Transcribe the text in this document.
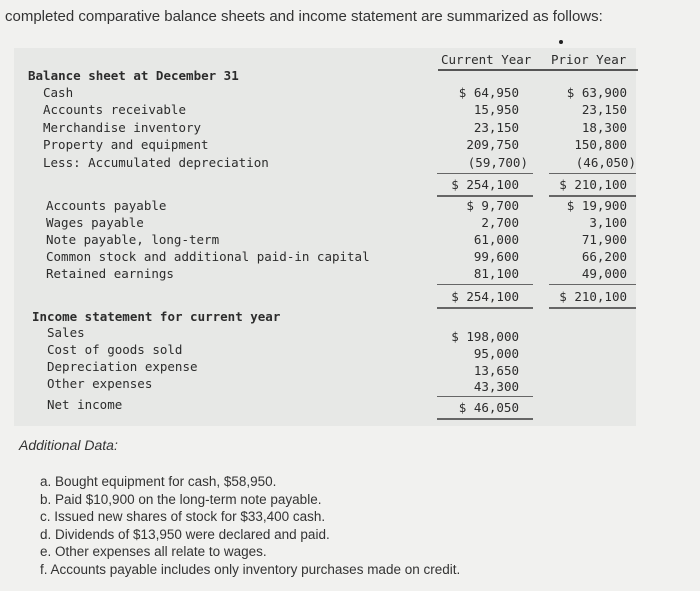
completed comparative balance sheets and income statement are summarized as follows:
Current Year Prior Year
Balance sheet at December 31
Cash
Accounts receivable
Merchandise inventory
Property and equipment
Less: Accumulated depreciation
$ 64,950
15,950
23,150
209,750
(59,700)
$ 63,900
23,150
18,300
150,800
(46,050)
$ 254,100	$ 210,100
Accounts payable
Wages payable
Note payable, long-term
Common stock and additional paid-in capital
Retained earnings
$ 9,700
2,700
61,000
99,600
81,100
$ 19,900
3,100
71,900
66,200
49,000
$ 254,100	$ 210,100
Income statement for current year
Sales
Cost of goods sold
Depreciation expense
Other expenses
Net income
$ 198,000
95,000
13,650
43,300
$ 46,050
Additional Data:
a. Bought equipment for cash, $58,950.
b. Paid $10,900 on the long-term note payable.
c. Issued new shares of stock for $33,400 cash.
d. Dividends of $13,950 were declared and paid.
e. Other expenses all relate to wages.
f. Accounts payable includes only inventory purchases made on credit.
